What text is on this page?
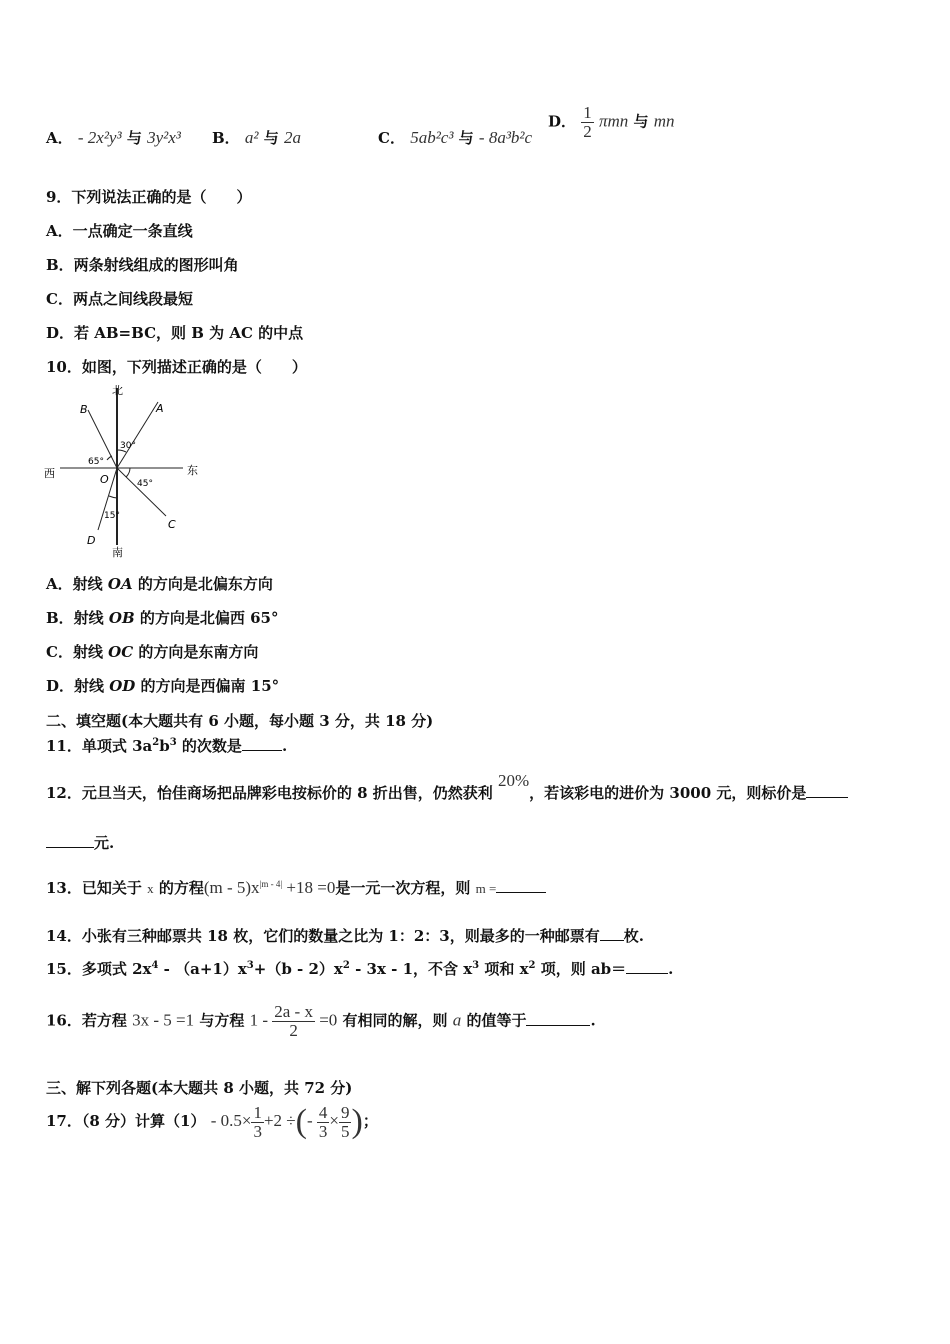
A． - 2x²y³ 与 3y²x³ B． a² 与 2a	C． 5ab²c³ 与 - 8a³b²c
D． $\frac{1}{2}$ πmn 与 mn
9．下列说法正确的是（　　）
A．一点确定一条直线
B．两条射线组成的图形叫角
C．两点之间线段最短
D．若 AB=BC，则 B 为 AC 的中点
10．如图，下列描述正确的是（　　）
北
南
西	东
O
A
B
C
D
30°
65°
45°
15°
A．射线 OA 的方向是北偏东方向
B．射线 OB 的方向是北偏西 65°
C．射线 OC 的方向是东南方向
D．射线 OD 的方向是西偏南 15°
二、填空题(本大题共有 6 小题，每小题 3 分，共 18 分)
11．单项式 $3a^2b^3$ 的次数是	.
12．元旦当天，怡佳商场把品牌彩电按标价的 8 折出售，仍然获利 20%，若该彩电的进价为 3000 元，则标价是
元.
13．已知关于 x 的方程$(m - 5)x^{|m - 4|} +18 =0$是一元一次方程，则 m =
14．小张有三种邮票共 18 枚，它们的数量之比为 1：2：3，则最多的一种邮票有 枚.
15．多项式 $2x^4 - (a+1)x^3+(b - 2)x^2 - 3x - 1$，不含 $x^3$ 项和 $x^2$ 项，则 ab＝	.
16．若方程 3x - 5 =1 与方程 $1 - \frac{2a - x}{2} =0$ 有相同的解，则 a 的值等于	.
三、解下列各题(本大题共 8 小题，共 72 分)
17．（8 分）计算$(1) - 0.5\times \frac{1}{3} +2$ ÷(- $\frac{4}{3} \times \frac{9}{5}$ )；
